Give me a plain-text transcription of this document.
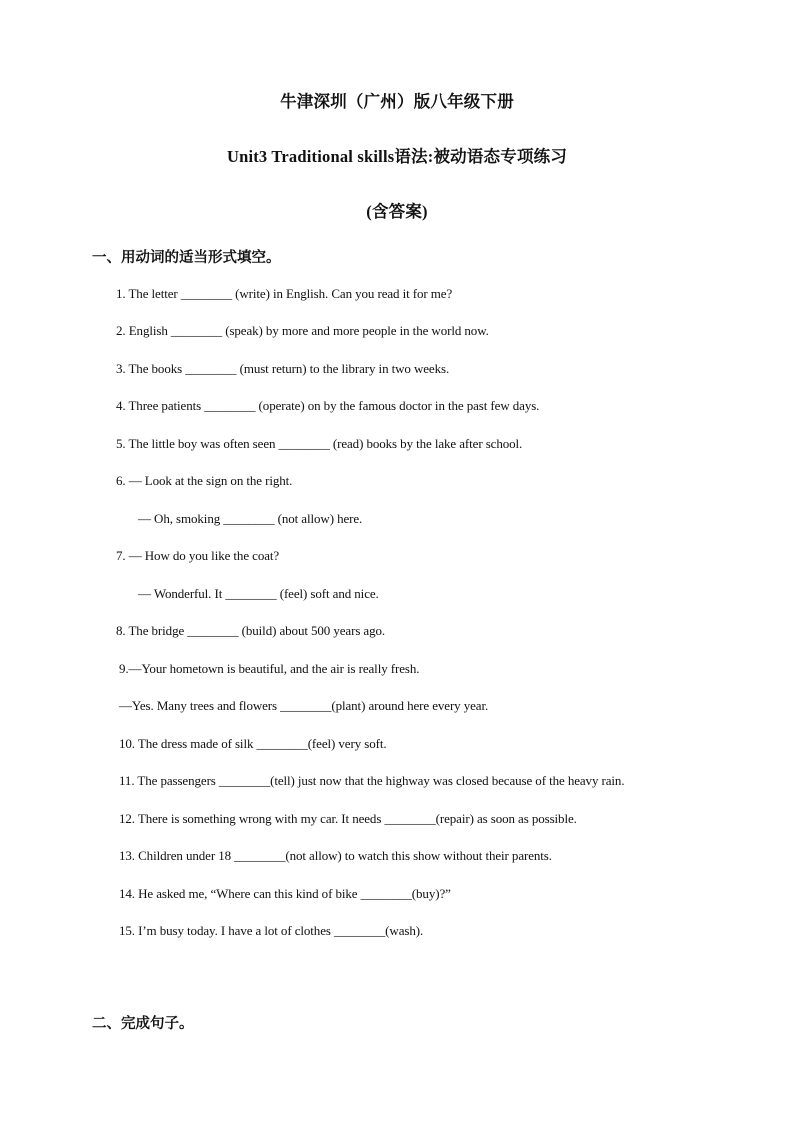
牛津深圳（广州）版八年级下册
Unit3 Traditional skills语法:被动语态专项练习
(含答案)
一、用动词的适当形式填空。
1. The letter ________ (write) in English. Can you read it for me?
2. English ________ (speak) by more and more people in the world now.
3. The books ________ (must return) to the library in two weeks.
4. Three patients ________ (operate) on by the famous doctor in the past few days.
5. The little boy was often seen ________ (read) books by the lake after school.
6. — Look at the sign on the right.
— Oh, smoking ________ (not allow) here.
7. — How do you like the coat?
— Wonderful. It ________ (feel) soft and nice.
8. The bridge ________ (build) about 500 years ago.
9.—Your hometown is beautiful, and the air is really fresh.
—Yes. Many trees and flowers ________(plant) around here every year.
10. The dress made of silk ________(feel) very soft.
11. The passengers ________(tell) just now that the highway was closed because of the heavy rain.
12. There is something wrong with my car. It needs ________(repair) as soon as possible.
13. Children under 18 ________(not allow) to watch this show without their parents.
14. He asked me, “Where can this kind of bike ________(buy)?”
15. I’m busy today. I have a lot of clothes ________(wash).
二、完成句子。
